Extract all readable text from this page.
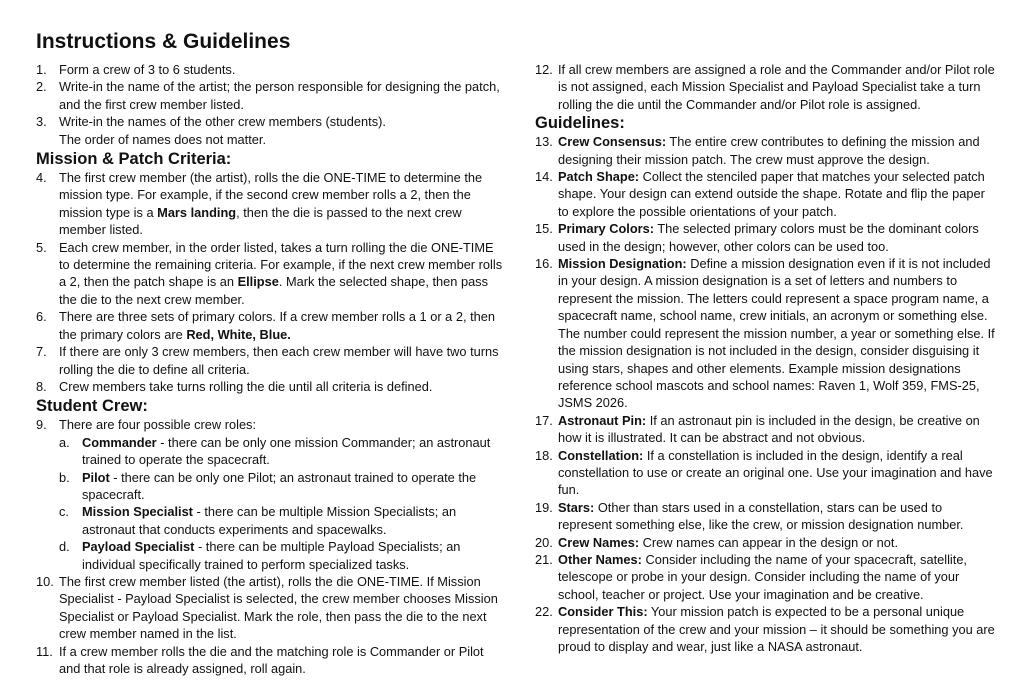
Instructions & Guidelines
1. Form a crew of 3 to 6 students.
2. Write-in the name of the artist; the person responsible for designing the patch, and the first crew member listed.
3. Write-in the names of the other crew members (students).
The order of names does not matter.
Mission & Patch Criteria:
4. The first crew member (the artist), rolls the die ONE-TIME to determine the mission type. For example, if the second crew member rolls a 2, then the mission type is a Mars landing, then the die is passed to the next crew member listed.
5. Each crew member, in the order listed, takes a turn rolling the die ONE-TIME to determine the remaining criteria. For example, if the next crew member rolls a 2, then the patch shape is an Ellipse. Mark the selected shape, then pass the die to the next crew member.
6. There are three sets of primary colors. If a crew member rolls a 1 or a 2, then the primary colors are Red, White, Blue.
7. If there are only 3 crew members, then each crew member will have two turns rolling the die to define all criteria.
8. Crew members take turns rolling the die until all criteria is defined.
Student Crew:
9. There are four possible crew roles:
a. Commander - there can be only one mission Commander; an astronaut trained to operate the spacecraft.
b. Pilot - there can be only one Pilot; an astronaut trained to operate the spacecraft.
c. Mission Specialist - there can be multiple Mission Specialists; an astronaut that conducts experiments and spacewalks.
d. Payload Specialist - there can be multiple Payload Specialists; an individual specifically trained to perform specialized tasks.
10. The first crew member listed (the artist), rolls the die ONE-TIME. If Mission Specialist - Payload Specialist is selected, the crew member chooses Mission Specialist or Payload Specialist. Mark the role, then pass the die to the next crew member named in the list.
11. If a crew member rolls the die and the matching role is Commander or Pilot and that role is already assigned, roll again.
12. If all crew members are assigned a role and the Commander and/or Pilot role is not assigned, each Mission Specialist and Payload Specialist take a turn rolling the die until the Commander and/or Pilot role is assigned.
Guidelines:
13. Crew Consensus: The entire crew contributes to defining the mission and designing their mission patch. The crew must approve the design.
14. Patch Shape: Collect the stenciled paper that matches your selected patch shape. Your design can extend outside the shape. Rotate and flip the paper to explore the possible orientations of your patch.
15. Primary Colors: The selected primary colors must be the dominant colors used in the design; however, other colors can be used too.
16. Mission Designation: Define a mission designation even if it is not included in your design. A mission designation is a set of letters and numbers to represent the mission. The letters could represent a space program name, a spacecraft name, school name, crew initials, an acronym or something else. The number could represent the mission number, a year or something else. If the mission designation is not included in the design, consider disguising it using stars, shapes and other elements. Example mission designations reference school mascots and school names: Raven 1, Wolf 359, FMS-25, JSMS 2026.
17. Astronaut Pin: If an astronaut pin is included in the design, be creative on how it is illustrated. It can be abstract and not obvious.
18. Constellation: If a constellation is included in the design, identify a real constellation to use or create an original one. Use your imagination and have fun.
19. Stars: Other than stars used in a constellation, stars can be used to represent something else, like the crew, or mission designation number.
20. Crew Names: Crew names can appear in the design or not.
21. Other Names: Consider including the name of your spacecraft, satellite, telescope or probe in your design. Consider including the name of your school, teacher or project. Use your imagination and be creative.
22. Consider This: Your mission patch is expected to be a personal unique representation of the crew and your mission – it should be something you are proud to display and wear, just like a NASA astronaut.
